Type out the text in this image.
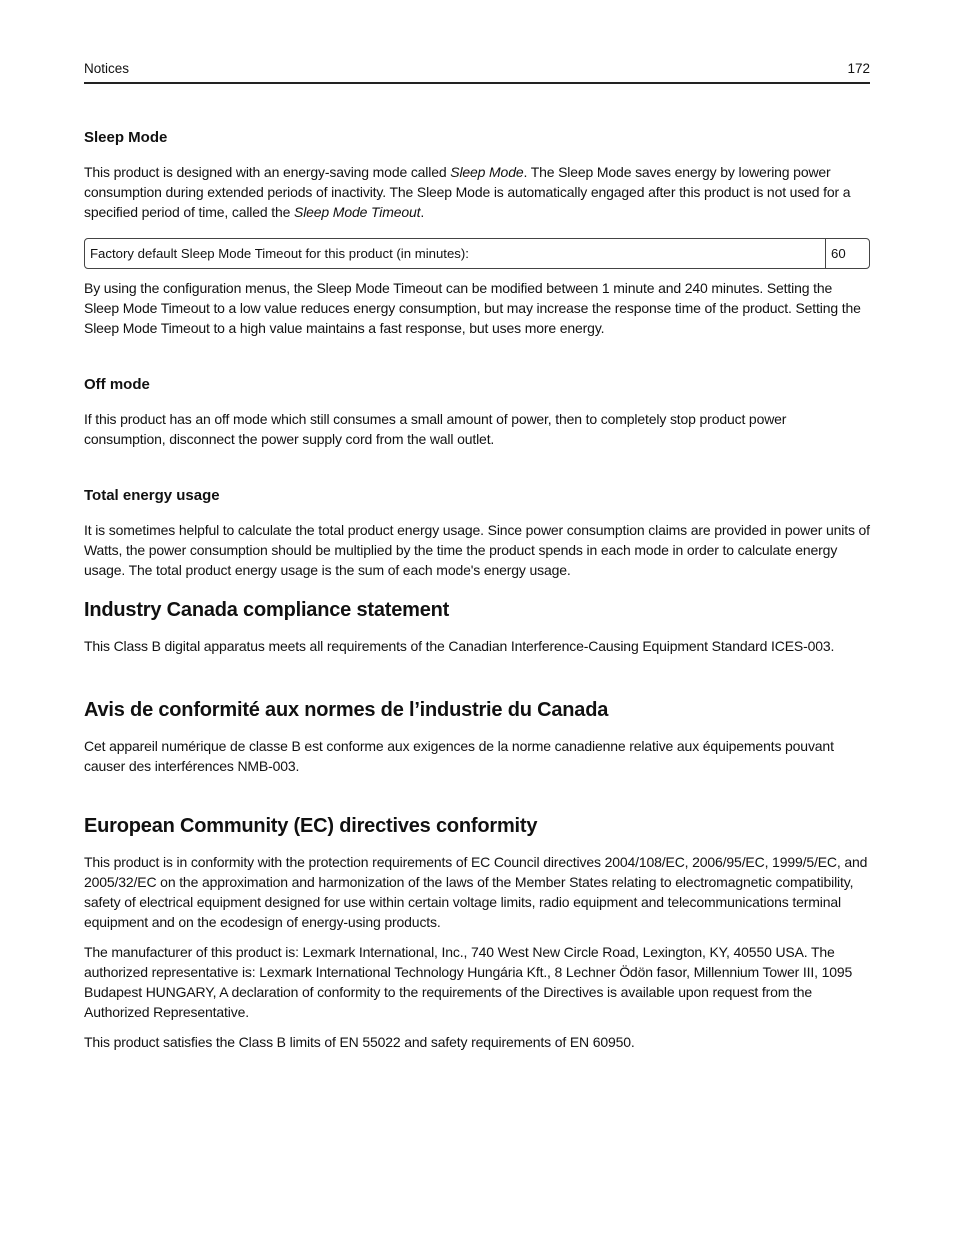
Notices	172
Sleep Mode

This product is designed with an energy-saving mode called Sleep Mode. The Sleep Mode saves energy by lowering power consumption during extended periods of inactivity. The Sleep Mode is automatically engaged after this product is not used for a specified period of time, called the Sleep Mode Timeout.

Factory default Sleep Mode Timeout for this product (in minutes):	60

By using the configuration menus, the Sleep Mode Timeout can be modified between 1 minute and 240 minutes. Setting the Sleep Mode Timeout to a low value reduces energy consumption, but may increase the response time of the product. Setting the Sleep Mode Timeout to a high value maintains a fast response, but uses more energy.

Off mode

If this product has an off mode which still consumes a small amount of power, then to completely stop product power consumption, disconnect the power supply cord from the wall outlet.

Total energy usage

It is sometimes helpful to calculate the total product energy usage. Since power consumption claims are provided in power units of Watts, the power consumption should be multiplied by the time the product spends in each mode in order to calculate energy usage. The total product energy usage is the sum of each mode's energy usage.

Industry Canada compliance statement

This Class B digital apparatus meets all requirements of the Canadian Interference-Causing Equipment Standard ICES-003.

Avis de conformité aux normes de l’industrie du Canada

Cet appareil numérique de classe B est conforme aux exigences de la norme canadienne relative aux équipements pouvant causer des interférences NMB-003.

European Community (EC) directives conformity

This product is in conformity with the protection requirements of EC Council directives 2004/108/EC, 2006/95/EC, 1999/5/EC, and 2005/32/EC on the approximation and harmonization of the laws of the Member States relating to electromagnetic compatibility, safety of electrical equipment designed for use within certain voltage limits, radio equipment and telecommunications terminal equipment and on the ecodesign of energy-using products.

The manufacturer of this product is: Lexmark International, Inc., 740 West New Circle Road, Lexington, KY, 40550 USA. The authorized representative is: Lexmark International Technology Hungária Kft., 8 Lechner Ödön fasor, Millennium Tower III, 1095 Budapest HUNGARY, A declaration of conformity to the requirements of the Directives is available upon request from the Authorized Representative.

This product satisfies the Class B limits of EN 55022 and safety requirements of EN 60950.
